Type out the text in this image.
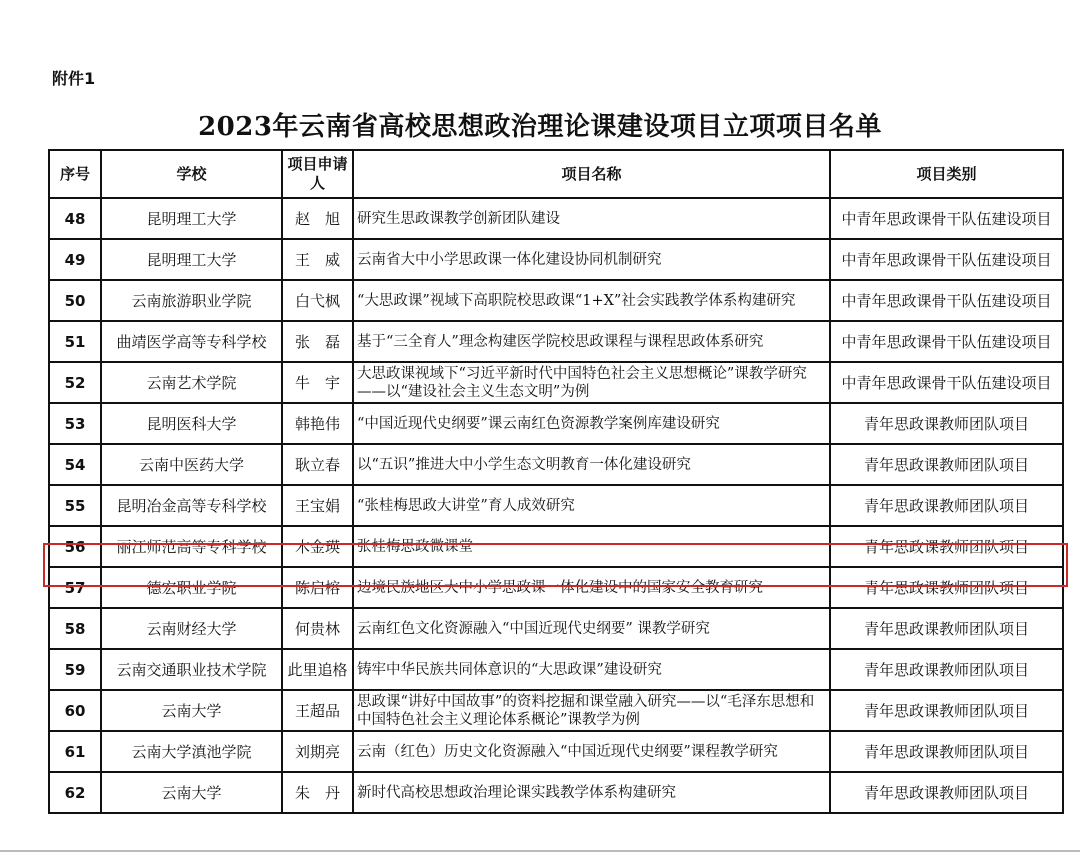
附件1
2023年云南省高校思想政治理论课建设项目立项项目名单
序号	学校	项目申请人	项目名称	项目类别
48	昆明理工大学	赵　旭	研究生思政课教学创新团队建设	中青年思政课骨干队伍建设项目
49	昆明理工大学	王　威	云南省大中小学思政课一体化建设协同机制研究	中青年思政课骨干队伍建设项目
50	云南旅游职业学院	白弋枫	“大思政课”视域下高职院校思政课“1+X”社会实践教学体系构建研究	中青年思政课骨干队伍建设项目
51	曲靖医学高等专科学校	张　磊	基于“三全育人”理念构建医学院校思政课程与课程思政体系研究	中青年思政课骨干队伍建设项目
52	云南艺术学院	牛　宇	大思政课视域下“习近平新时代中国特色社会主义思想概论”课教学研究——以“建设社会主义生态文明”为例	中青年思政课骨干队伍建设项目
53	昆明医科大学	韩艳伟	“中国近现代史纲要”课云南红色资源教学案例库建设研究	青年思政课教师团队项目
54	云南中医药大学	耿立春	以“五识”推进大中小学生态文明教育一体化建设研究	青年思政课教师团队项目
55	昆明冶金高等专科学校	王宝娟	“张桂梅思政大讲堂”育人成效研究	青年思政课教师团队项目
56	丽江师范高等专科学校	木金瑛	张桂梅思政微课堂	青年思政课教师团队项目
57	德宏职业学院	陈启榕	边境民族地区大中小学思政课一体化建设中的国家安全教育研究	青年思政课教师团队项目
58	云南财经大学	何贵林	云南红色文化资源融入“中国近现代史纲要” 课教学研究	青年思政课教师团队项目
59	云南交通职业技术学院	此里追格	铸牢中华民族共同体意识的“大思政课”建设研究	青年思政课教师团队项目
60	云南大学	王超品	思政课“讲好中国故事”的资料挖掘和课堂融入研究——以“毛泽东思想和中国特色社会主义理论体系概论”课教学为例	青年思政课教师团队项目
61	云南大学滇池学院	刘期亮	云南（红色）历史文化资源融入“中国近现代史纲要”课程教学研究	青年思政课教师团队项目
62	云南大学	朱　丹	新时代高校思想政治理论课实践教学体系构建研究	青年思政课教师团队项目
